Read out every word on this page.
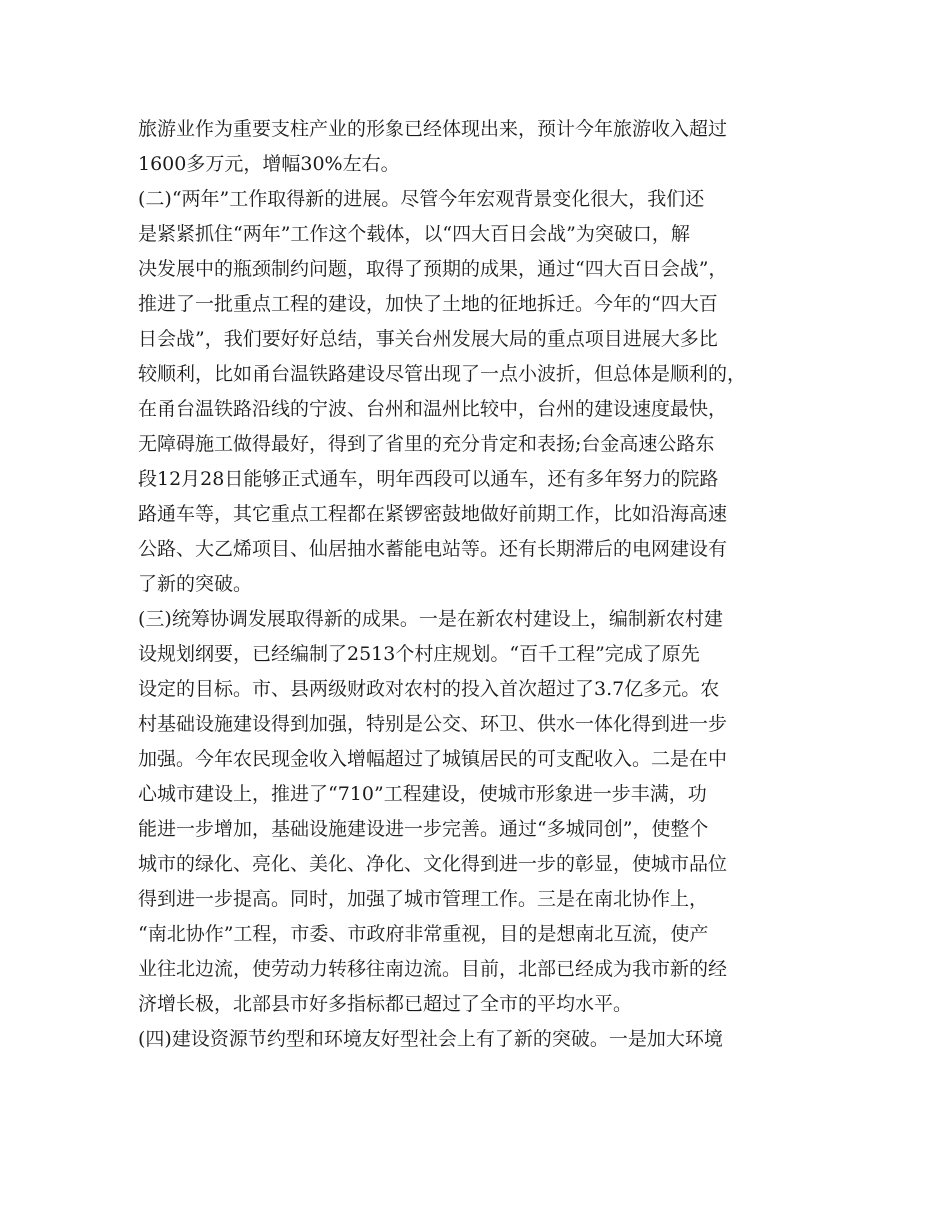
旅游业作为重要支柱产业的形象已经体现出来，预计今年旅游收入超过
1600多万元，增幅30%左右。
(二)“两年”工作取得新的进展。尽管今年宏观背景变化很大，我们还
是紧紧抓住“两年”工作这个载体，以“四大百日会战”为突破口，解
决发展中的瓶颈制约问题，取得了预期的成果，通过“四大百日会战”，
推进了一批重点工程的建设，加快了土地的征地拆迁。今年的“四大百
日会战”，我们要好好总结，事关台州发展大局的重点项目进展大多比
较顺利，比如甬台温铁路建设尽管出现了一点小波折，但总体是顺利的，
在甬台温铁路沿线的宁波、台州和温州比较中，台州的建设速度最快，
无障碍施工做得最好，得到了省里的充分肯定和表扬;台金高速公路东
段12月28日能够正式通车，明年西段可以通车，还有多年努力的院路
路通车等，其它重点工程都在紧锣密鼓地做好前期工作，比如沿海高速
公路、大乙烯项目、仙居抽水蓄能电站等。还有长期滞后的电网建设有
了新的突破。
(三)统筹协调发展取得新的成果。一是在新农村建设上，编制新农村建
设规划纲要，已经编制了2513个村庄规划。“百千工程”完成了原先
设定的目标。市、县两级财政对农村的投入首次超过了3.7亿多元。农
村基础设施建设得到加强，特别是公交、环卫、供水一体化得到进一步
加强。今年农民现金收入增幅超过了城镇居民的可支配收入。二是在中
心城市建设上，推进了“710”工程建设，使城市形象进一步丰满，功
能进一步增加，基础设施建设进一步完善。通过“多城同创”，使整个
城市的绿化、亮化、美化、净化、文化得到进一步的彰显，使城市品位
得到进一步提高。同时，加强了城市管理工作。三是在南北协作上，
“南北协作”工程，市委、市政府非常重视，目的是想南北互流，使产
业往北边流，使劳动力转移往南边流。目前，北部已经成为我市新的经
济增长极，北部县市好多指标都已超过了全市的平均水平。
(四)建设资源节约型和环境友好型社会上有了新的突破。一是加大环境
